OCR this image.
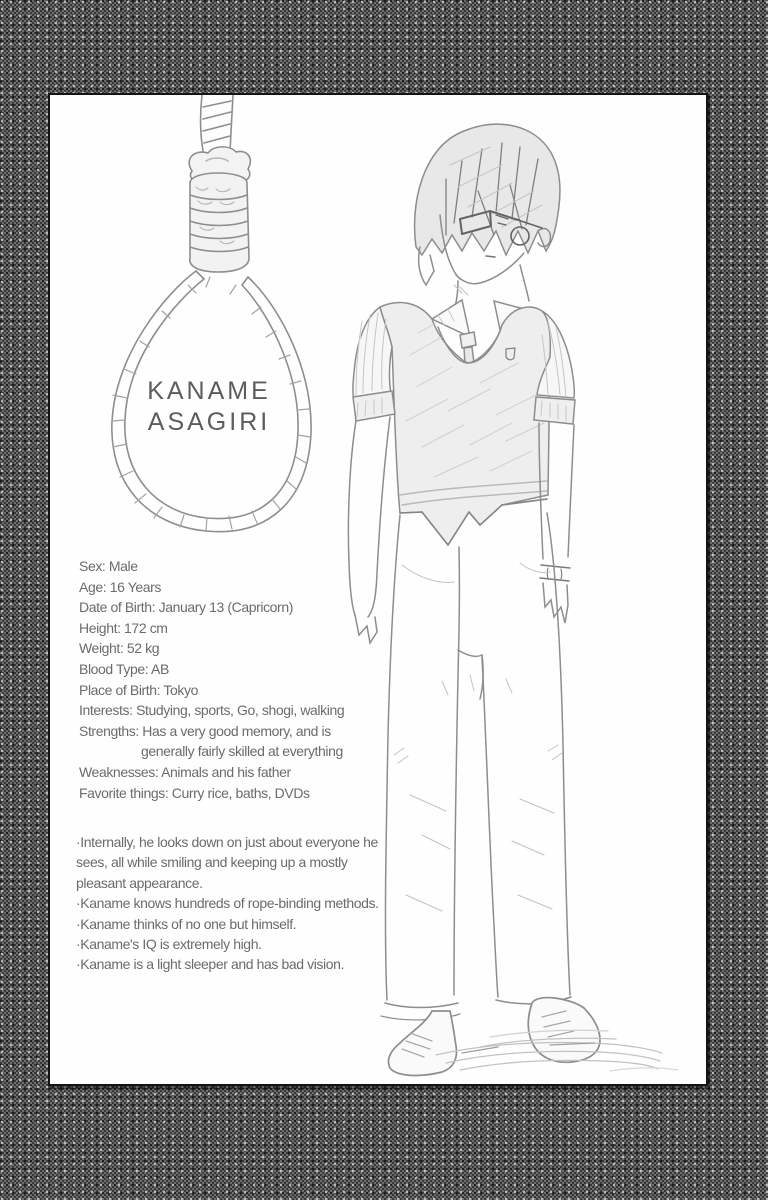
KANAME
ASAGIRI
Sex: Male
Age: 16 Years
Date of Birth: January 13 (Capricorn)
Height: 172 cm
Weight: 52 kg
Blood Type: AB
Place of Birth: Tokyo
Interests: Studying, sports, Go, shogi, walking
Strengths: Has a very good memory, and is
generally fairly skilled at everything
Weaknesses: Animals and his father
Favorite things: Curry rice, baths, DVDs
·Internally, he looks down on just about everyone he
sees, all while smiling and keeping up a mostly
pleasant appearance.
·Kaname knows hundreds of rope-binding methods.
·Kaname thinks of no one but himself.
·Kaname's IQ is extremely high.
·Kaname is a light sleeper and has bad vision.
